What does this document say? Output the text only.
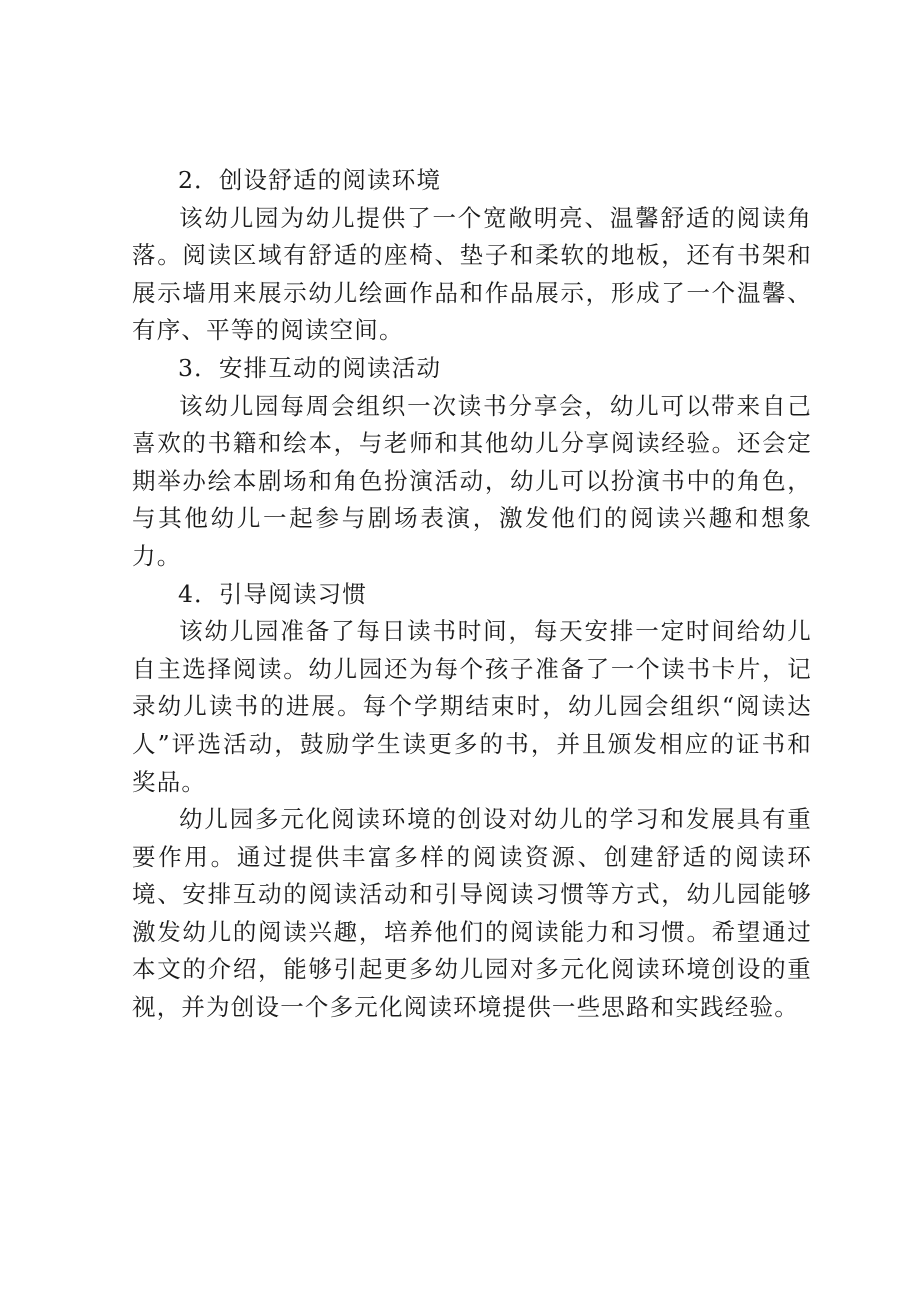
2．创设舒适的阅读环境

该幼儿园为幼儿提供了一个宽敞明亮、温馨舒适的阅读角落。阅读区域有舒适的座椅、垫子和柔软的地板，还有书架和展示墙用来展示幼儿绘画作品和作品展示，形成了一个温馨、有序、平等的阅读空间。

3．安排互动的阅读活动

该幼儿园每周会组织一次读书分享会，幼儿可以带来自己喜欢的书籍和绘本，与老师和其他幼儿分享阅读经验。还会定期举办绘本剧场和角色扮演活动，幼儿可以扮演书中的角色，与其他幼儿一起参与剧场表演，激发他们的阅读兴趣和想象力。

4．引导阅读习惯

该幼儿园准备了每日读书时间，每天安排一定时间给幼儿自主选择阅读。幼儿园还为每个孩子准备了一个读书卡片，记录幼儿读书的进展。每个学期结束时，幼儿园会组织“阅读达人”评选活动，鼓励学生读更多的书，并且颁发相应的证书和奖品。

幼儿园多元化阅读环境的创设对幼儿的学习和发展具有重要作用。通过提供丰富多样的阅读资源、创建舒适的阅读环境、安排互动的阅读活动和引导阅读习惯等方式，幼儿园能够激发幼儿的阅读兴趣，培养他们的阅读能力和习惯。希望通过本文的介绍，能够引起更多幼儿园对多元化阅读环境创设的重视，并为创设一个多元化阅读环境提供一些思路和实践经验。
